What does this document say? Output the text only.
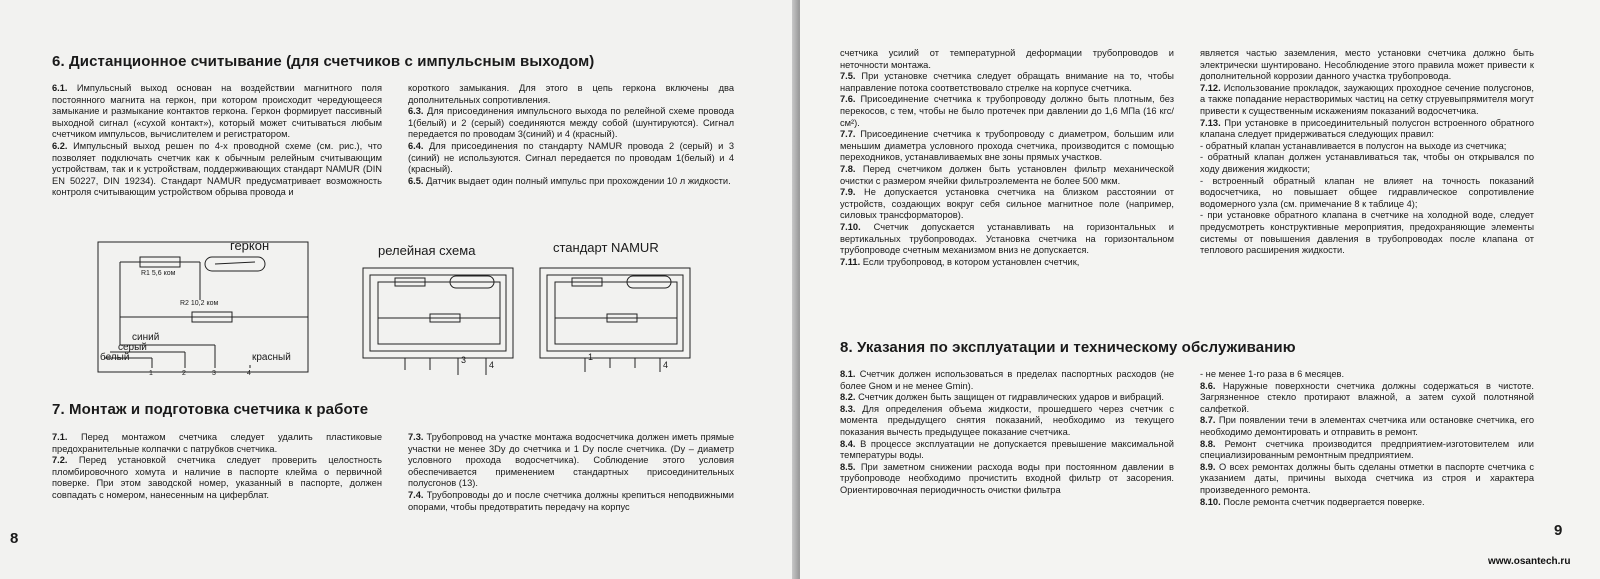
6. Дистанционное считывание (для счетчиков с импульсным выходом)

6.1. Импульсный выход основан на воздействии магнитного поля постоянного магнита на геркон, при котором происходит чередующееся замыкание и размыкание контактов геркона. Геркон формирует пассивный выходной сигнал («сухой контакт»), который может считываться любым счетчиком импульсов, вычислителем и регистратором.

6.2. Импульсный выход решен по 4-х проводной схеме (см. рис.), что позволяет подключать счетчик как к обычным релейным считывающим устройствам, так и к устройствам, поддерживающих стандарт NAMUR (DIN EN 50227, DIN 19234). Стандарт NAMUR предусматривает возможность контроля считывающим устройством обрыва провода и

короткого замыкания. Для этого в цепь геркона включены два дополнительных сопротивления.

6.3. Для присоединения импульсного выхода по релейной схеме провода 1(белый) и 2 (серый) соединяются между собой (шунтируются). Сигнал передается по проводам 3(синий) и 4 (красный).

6.4. Для присоединения по стандарту NAMUR провода 2 (серый) и 3 (синий) не используются. Сигнал передается по проводам 1(белый) и 4 (красный).

6.5. Датчик выдает один полный импульс при прохождении 10 л жидкости.

геркон
R1 5,6 ком
R2 10,2 ком
синий
серый
белый	красный
1	2	3	4
релейная схема	стандарт NAMUR
3	4
1
4
7. Монтаж и подготовка счетчика к работе

7.1. Перед монтажом счетчика следует удалить пластиковые предохранительные колпачки с патрубков счетчика.

7.2. Перед установкой счетчика следует проверить целостность пломбировочного хомута и наличие в паспорте клейма о первичной поверке. При этом заводской номер, указанный в паспорте, должен совпадать с номером, нанесенным на циферблат.

7.3. Трубопровод на участке монтажа водосчетчика должен иметь прямые участки не менее 3Dy до счетчика и 1 Dy после счетчика. (Dy – диаметр условного прохода водосчетчика). Соблюдение этого условия обеспечивается применением стандартных присоединительных полусгонов (13).

7.4. Трубопроводы до и после счетчика должны крепиться неподвижными опорами, чтобы предотвратить передачу на корпус

8

счетчика усилий от температурной деформации трубопроводов и неточности монтажа.

7.5. При установке счетчика следует обращать внимание на то, чтобы направление потока соответствовало стрелке на корпусе счетчика.

7.6. Присоединение счетчика к трубопроводу должно быть плотным, без перекосов, с тем, чтобы не было протечек при давлении до 1,6 МПа (16 кгс/см²).

7.7. Присоединение счетчика к трубопроводу с диаметром, большим или меньшим диаметра условного прохода счетчика, производится с помощью переходников, устанавливаемых вне зоны прямых участков.

7.8. Перед счетчиком должен быть установлен фильтр механической очистки с размером ячейки фильтроэлемента не более 500 мкм.

7.9. Не допускается установка счетчика на близком расстоянии от устройств, создающих вокруг себя сильное магнитное поле (например, силовых трансформаторов).

7.10. Счетчик допускается устанавливать на горизонтальных и вертикальных трубопроводах. Установка счетчика на горизонтальном трубопроводе счетным механизмом вниз не допускается.

7.11. Если трубопровод, в котором установлен счетчик,

является частью заземления, место установки счетчика должно быть электрически шунтировано. Несоблюдение этого правила может привести к дополнительной коррозии данного участка трубопровода.

7.12. Использование прокладок, заужающих проходное сечение полусгонов, а также попадание нерастворимых частиц на сетку струевыпрямителя могут привести к существенным искажениям показаний водосчетчика.

7.13. При установке в присоединительный полусгон встроенного обратного клапана следует придерживаться следующих правил:

- обратный клапан устанавливается в полусгон на выходе из счетчика;

- обратный клапан должен устанавливаться так, чтобы он открывался по ходу движения жидкости;

- встроенный обратный клапан не влияет на точность показаний водосчетчика, но повышает общее гидравлическое сопротивление водомерного узла (см. примечание 8 к таблице 4);

- при установке обратного клапана в счетчике на холодной воде, следует предусмотреть конструктивные мероприятия, предохраняющие элементы системы от повышения давления в трубопроводах после клапана от теплового расширения жидкости.

8. Указания по эксплуатации и техническому обслуживанию

8.1. Счетчик должен использоваться в пределах паспортных расходов (не более Gном и не менее Gmin).

8.2. Счетчик должен быть защищен от гидравлических ударов и вибраций.

8.3. Для определения объема жидкости, прошедшего через счетчик с момента предыдущего снятия показаний, необходимо из текущего показания вычесть предыдущее показание счетчика.

8.4. В процессе эксплуатации не допускается превышение максимальной температуры воды.

8.5. При заметном снижении расхода воды при постоянном давлении в трубопроводе необходимо прочистить входной фильтр от засорения. Ориентировочная периодичность очистки фильтра

- не менее 1-го раза в 6 месяцев.

8.6. Наружные поверхности счетчика должны содержаться в чистоте. Загрязненное стекло протирают влажной, а затем сухой полотняной салфеткой.

8.7. При появлении течи в элементах счетчика или остановке счетчика, его необходимо демонтировать и отправить в ремонт.

8.8. Ремонт счетчика производится предприятием-изготовителем или специализированным ремонтным предприятием.

8.9. О всех ремонтах должны быть сделаны отметки в паспорте счетчика с указанием даты, причины выхода счетчика из строя и характера произведенного ремонта.

8.10. После ремонта счетчик подвергается поверке.

9
www.osantech.ru
